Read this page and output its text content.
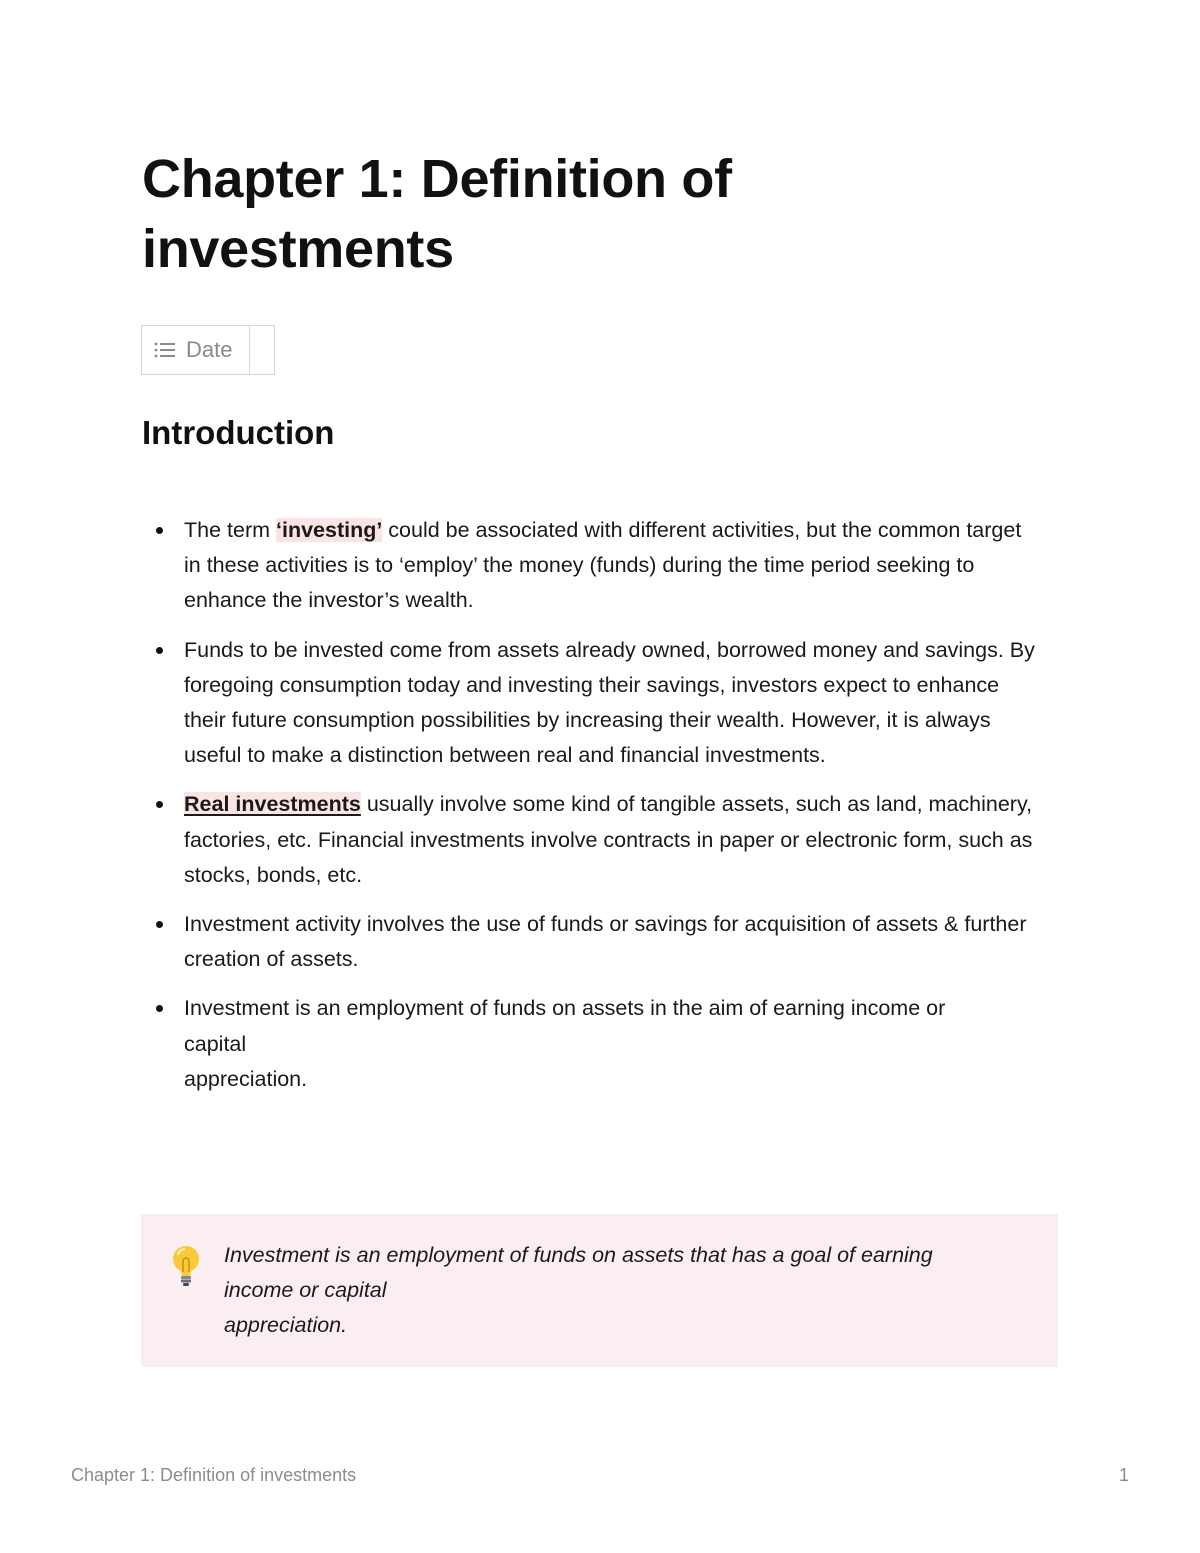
Chapter 1: Definition of
investments
Date
Introduction
The term ‘investing’ could be associated with different activities, but the common target in these activities is to ‘employ’ the money (funds) during the time period seeking to enhance the investor’s wealth.
Funds to be invested come from assets already owned, borrowed money and savings. By foregoing consumption today and investing their savings, investors expect to enhance their future consumption possibilities by increasing their wealth. However, it is always useful to make a distinction between real and financial investments.
Real investments usually involve some kind of tangible assets, such as land, machinery, factories, etc. Financial investments involve contracts in paper or electronic form, such as stocks, bonds, etc.
Investment activity involves the use of funds or savings for acquisition of assets & further creation of assets.
Investment is an employment of funds on assets in the aim of earning income or
capital
appreciation.
Investment is an employment of funds on assets that has a goal of earning
income or capital
appreciation.
Chapter 1: Definition of investments	1
